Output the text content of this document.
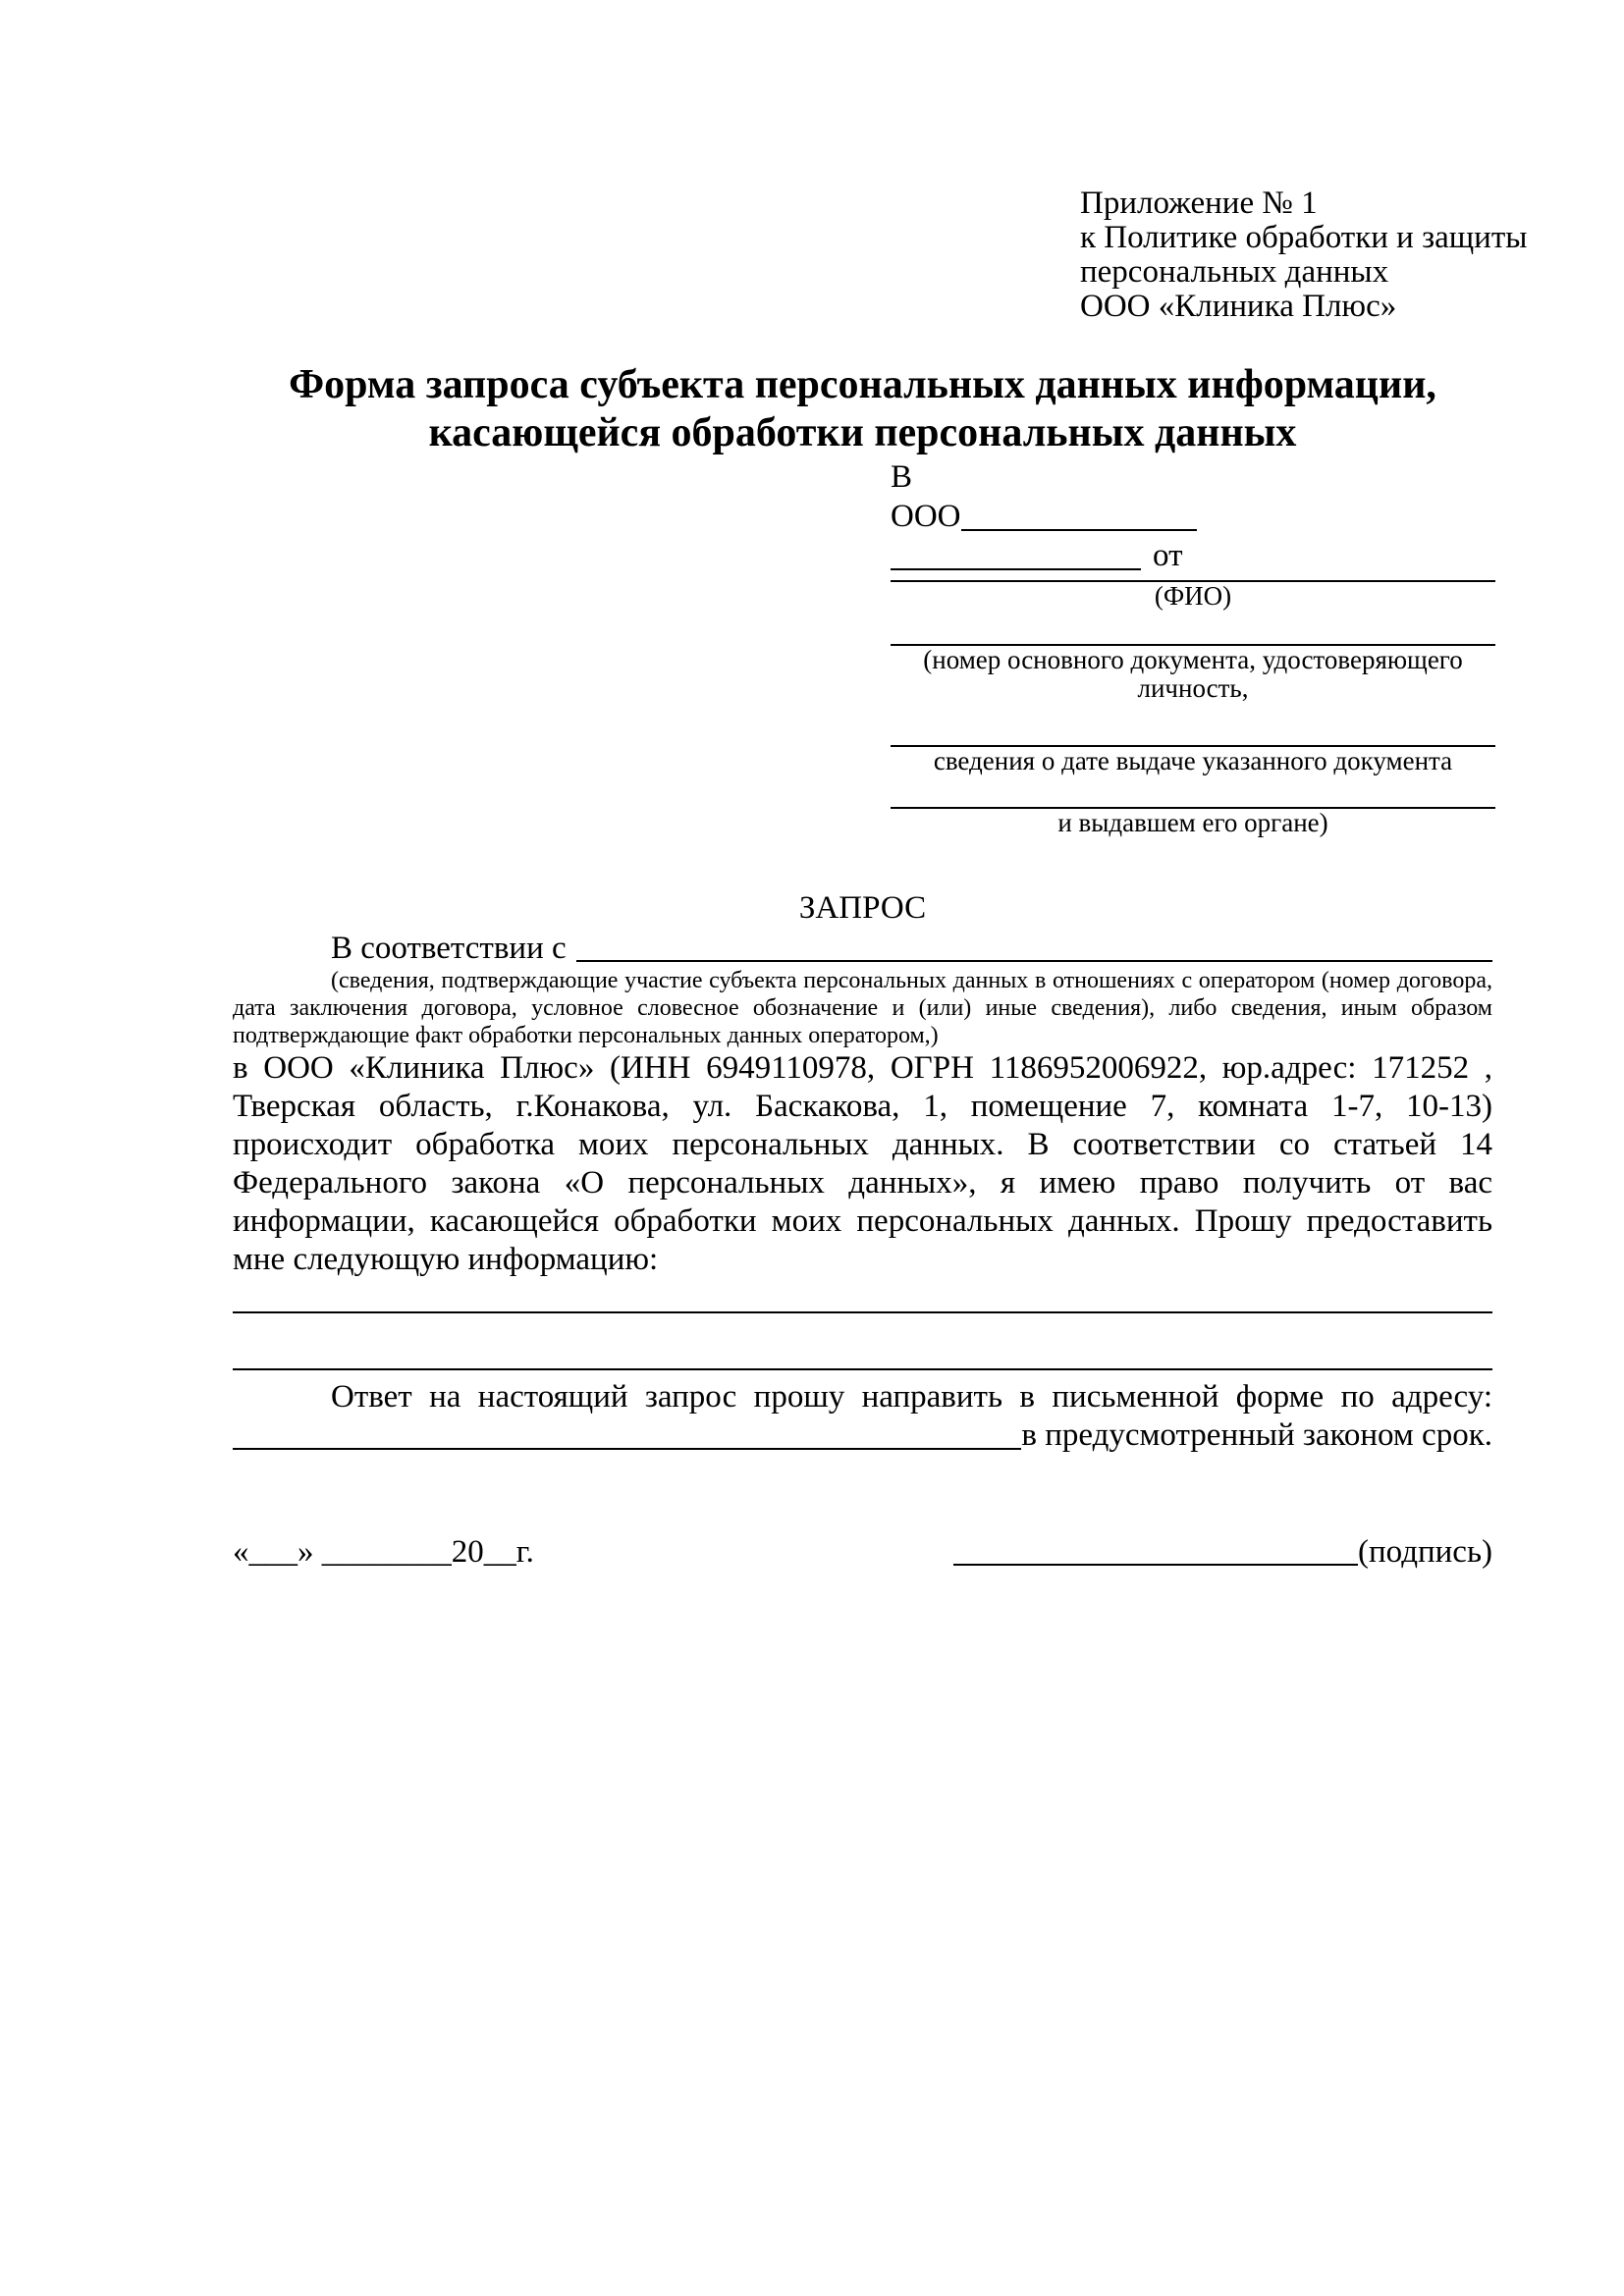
Приложение № 1
к Политике обработки и защиты
персональных данных
ООО «Клиника Плюс»
Форма запроса субъекта персональных данных информации,
касающейся обработки персональных данных
В
ООО
от
(ФИО)
(номер основного документа, удостоверяющего личность,
сведения о дате выдаче указанного документа
и выдавшем его органе)
ЗАПРОС
В соответствии с

(сведения, подтверждающие участие субъекта персональных данных в отношениях с оператором (номер договора, дата заключения договора, условное словесное обозначение и (или) иные сведения), либо сведения, иным образом подтверждающие факт обработки персональных данных оператором,)

в ООО «Клиника Плюс» (ИНН 6949110978, ОГРН 1186952006922, юр.адрес: 171252 , Тверская область, г.Конакова, ул. Баскакова, 1, помещение 7, комната 1-7, 10-13) происходит обработка моих персональных данных. В соответствии со статьей 14 Федерального закона «О персональных данных», я имею право получить от вас информации, касающейся обработки моих персональных данных. Прошу предоставить мне следующую информацию:

Ответ на настоящий запрос прошу направить в письменной форме по адресу:

в предусмотренный законом срок.
«___» ________20__г.	(подпись)
